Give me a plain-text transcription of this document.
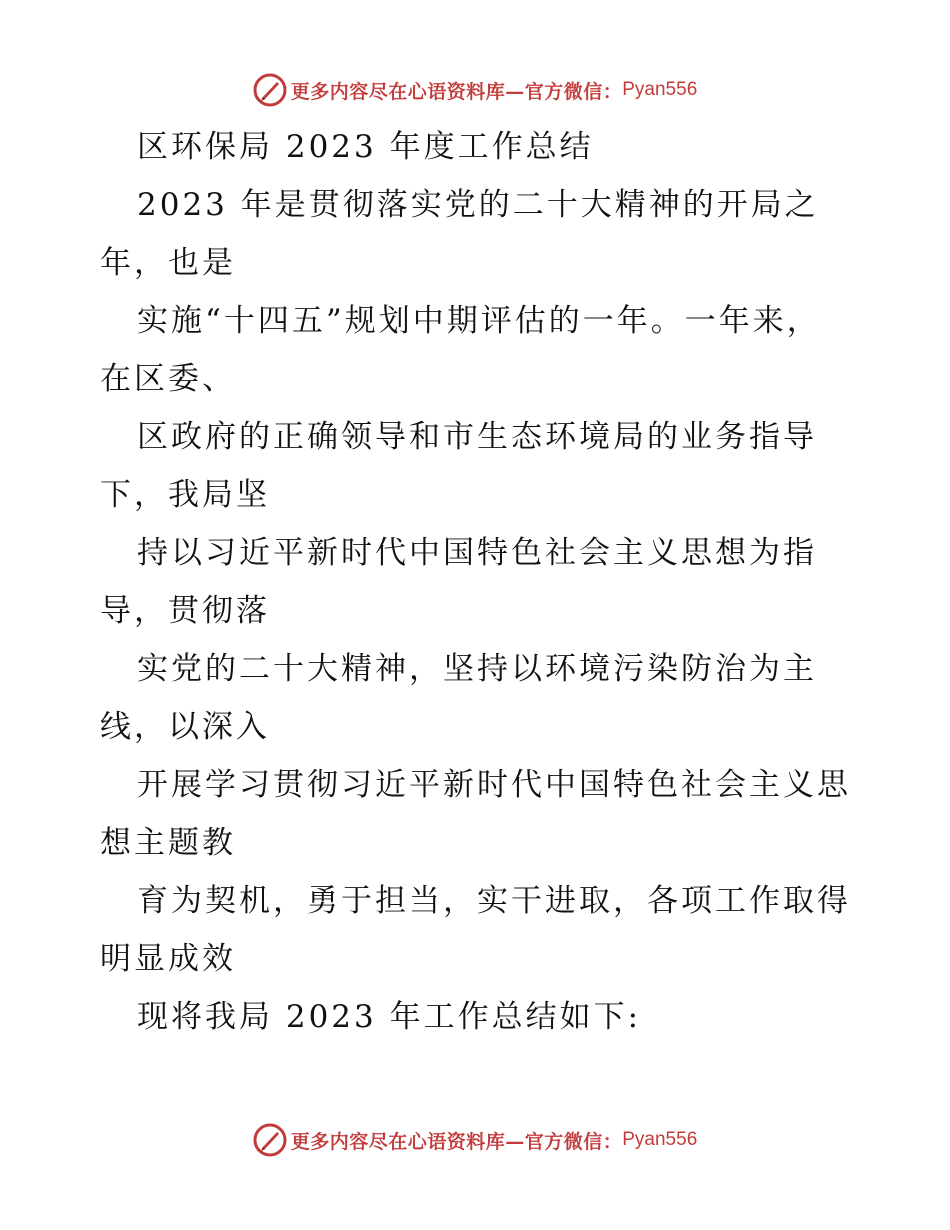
更多内容尽在心语资料库—官方微信： Pyan556
区环保局 2023 年度工作总结
2023 年是贯彻落实党的二十大精神的开局之
年，也是
实施“十四五”规划中期评估的一年。一年来，
在区委、
区政府的正确领导和市生态环境局的业务指导
下，我局坚
持以习近平新时代中国特色社会主义思想为指
导，贯彻落
实党的二十大精神，坚持以环境污染防治为主
线，以深入
开展学习贯彻习近平新时代中国特色社会主义思
想主题教
育为契机，勇于担当，实干进取，各项工作取得
明显成效
现将我局 2023 年工作总结如下:
更多内容尽在心语资料库—官方微信： Pyan556
